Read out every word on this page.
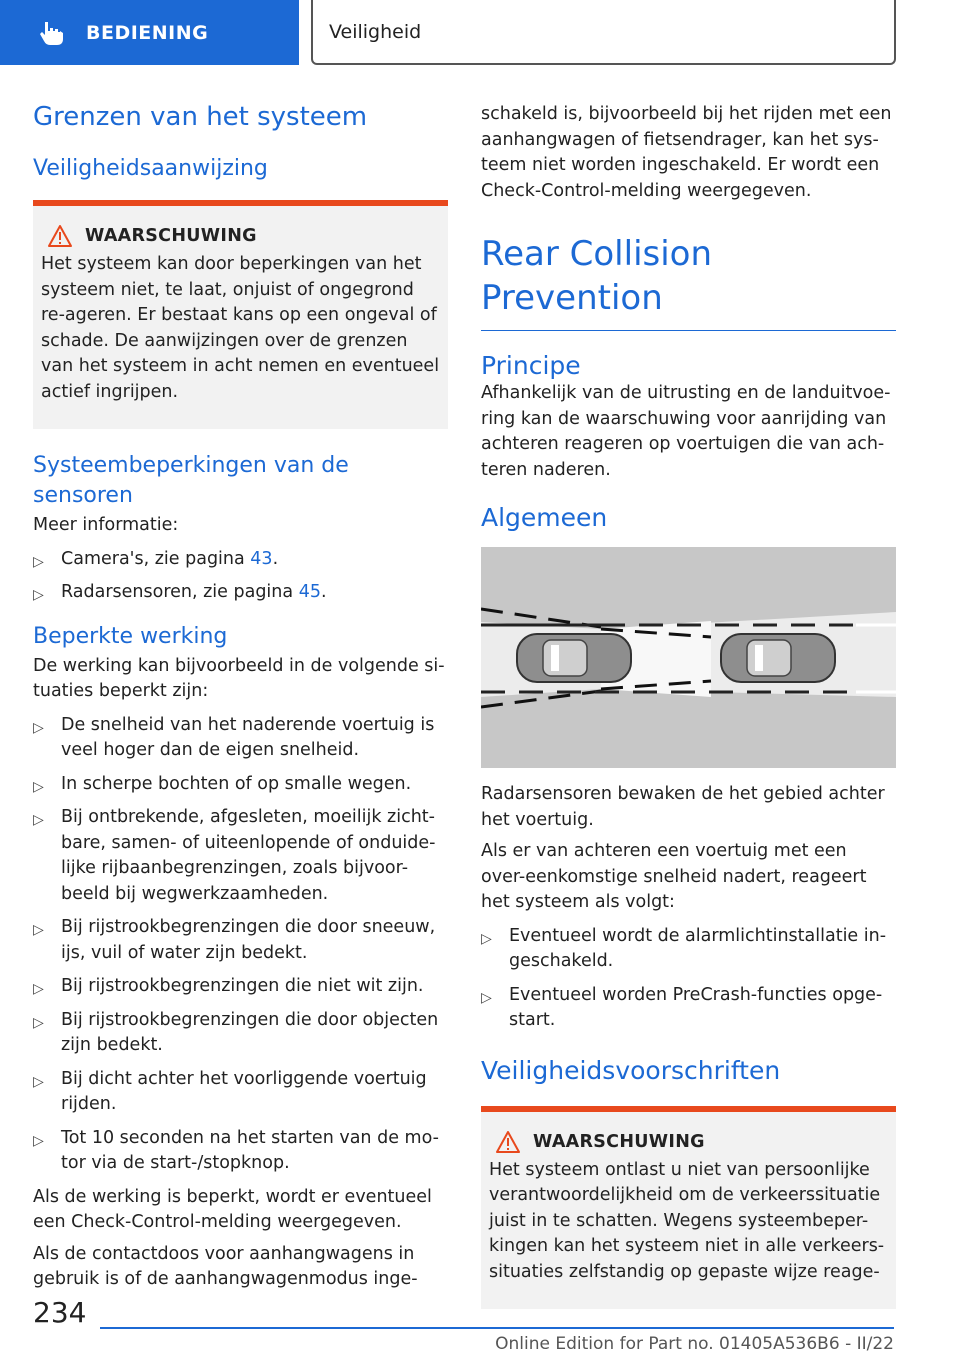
BEDIENING	Veiligheid
Grenzen van het systeem
Veiligheidsaanwijzing
WAARSCHUWING

Het systeem kan door beperkingen van het systeem niet, te laat, onjuist of ongegrond re-ageren. Er bestaat kans op een ongeval of schade. De aanwijzingen over de grenzen van het systeem in acht nemen en eventueel actief ingrijpen.

Systeembeperkingen van de sensoren

Meer informatie:

▷ Camera's, zie pagina 43.
▷ Radarsensoren, zie pagina 45.
Beperkte werking

De werking kan bijvoorbeeld in de volgende si-tuaties beperkt zijn:

▷ De snelheid van het naderende voertuig is veel hoger dan de eigen snelheid.
▷ In scherpe bochten of op smalle wegen.
▷ Bij ontbrekende, afgesleten, moeilijk zicht-bare, samen- of uiteenlopende of onduide-lijke rijbaanbegrenzingen, zoals bijvoor-beeld bij wegwerkzaamheden.
▷ Bij rijstrookbegrenzingen die door sneeuw, ijs, vuil of water zijn bedekt.
▷ Bij rijstrookbegrenzingen die niet wit zijn.
▷ Bij rijstrookbegrenzingen die door objecten zijn bedekt.
▷ Bij dicht achter het voorliggende voertuig rijden.
▷ Tot 10 seconden na het starten van de mo-tor via de start-/stopknop.

Als de werking is beperkt, wordt er eventueel een Check-Control-melding weergegeven.

Als de contactdoos voor aanhangwagens in gebruik is of de aanhangwagenmodus inge-

schakeld is, bijvoorbeeld bij het rijden met een aanhangwagen of fietsendrager, kan het sys-teem niet worden ingeschakeld. Er wordt een Check-Control-melding weergegeven.

Rear Collision Prevention
Principe

Afhankelijk van de uitrusting en de landuitvoe-ring kan de waarschuwing voor aanrijding van achteren reageren op voertuigen die van ach-teren naderen.

Algemeen

Radarsensoren bewaken de het gebied achter het voertuig.

Als er van achteren een voertuig met een over-eenkomstige snelheid nadert, reageert het systeem als volgt:

▷ Eventueel wordt de alarmlichtinstallatie in-geschakeld.
▷ Eventueel worden PreCrash-functies opge-start.
Veiligheidsvoorschriften
WAARSCHUWING

Het systeem ontlast u niet van persoonlijke verantwoordelijkheid om de verkeerssituatie juist in te schatten. Wegens systeembeper-kingen kan het systeem niet in alle verkeers-situaties zelfstandig op gepaste wijze reage-

234
Online Edition for Part no. 01405A536B6 - II/22
